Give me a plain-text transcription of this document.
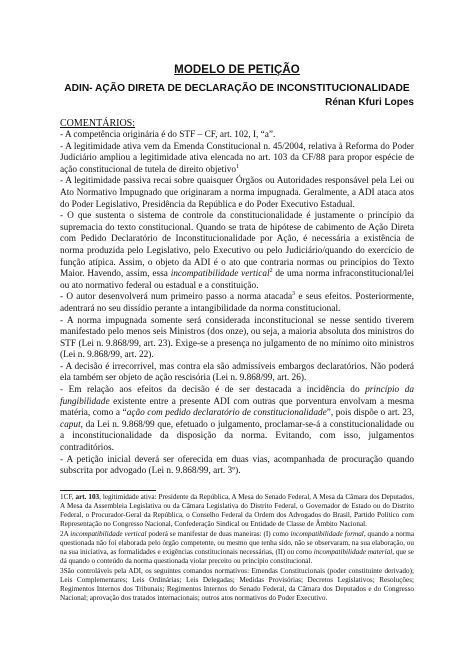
MODELO DE PETIÇÃO
ADIN- AÇÃO DIRETA DE DECLARAÇÃO DE INCONSTITUCIONALIDADE
Rénan Kfuri Lopes
COMENTÁRIOS:

- A competência originária é do STF – CF, art. 102, I, “a”.

- A legitimidade ativa vem da Emenda Constitucional n. 45/2004, relativa à Reforma do Poder Judiciário ampliou a legitimidade ativa elencada no art. 103 da CF/88 para propor espécie de ação constitucional de tutela de direito objetivo$^1$

- A legitimidade passiva recai sobre quaisquer Órgãos ou Autoridades responsável pela Lei ou Ato Normativo Impugnado que originaram a norma impugnada. Geralmente, a ADI ataca atos do Poder Legislativo, Presidência da República e do Poder Executivo Estadual.

- O que sustenta o sistema de controle da constitucionalidade é justamente o princípio da supremacia do texto constitucional. Quando se trata de hipótese de cabimento de Ação Direta com Pedido Declaratório de Inconstitucionalidade por Ação, é necessária a existência de norma produzida pelo Legislativo, pelo Executivo ou pelo Judiciário/quando do exercício de função atípica. Assim, o objeto da ADI é o ato que contraria normas ou princípios do Texto Maior. Havendo, assim, essa incompatibilidade vertical$^2$ de uma norma infraconstitucional/lei ou ato normativo federal ou estadual e a constituição.

- O autor desenvolverá num primeiro passo a norma atacada$^3$ e seus efeitos. Posteriormente, adentrará no seu dissídio perante a intangibilidade da norma constitucional.

- A norma impugnada somente será considerada inconstitucional se nesse sentido tiverem manifestado pelo menos seis Ministros (dos onze), ou seja, a maioria absoluta dos ministros do STF (Lei n. 9.868/99, art. 23). Exige-se a presença no julgamento de no mínimo oito ministros (Lei n. 9.868/99, art. 22).

- A decisão é irrecorrível, mas contra ela são admissíveis embargos declaratórios. Não poderá ela também ser objeto de ação rescisória (Lei n. 9.868/99, art. 26).

- Em relação aos efeitos da decisão é de ser destacada a incidência do princípio da fungibilidade existente entre a presente ADI com outras que porventura envolvam a mesma matéria, como a “ação com pedido declaratório de constitucionalidade”, pois dispõe o art. 23, caput, da Lei n. 9.868/99 que, efetuado o julgamento, proclamar-se-á a constitucionalidade ou a inconstitucionalidade da disposição da norma. Evitando, com isso, julgamentos contraditórios.

- A petição inicial deverá ser oferecida em duas vias, acompanhada de procuração quando subscrita por advogado (Lei n. 9.868/99, art. 3º).

1CF, art. 103, legitimidade ativa: Presidente da República, A Mesa do Senado Federal, A Mesa da Câmara dos Deputados, A Mesa da Assembleia Legislativa ou da Câmara Legislativa do Distrito Federal, o Governador de Estado ou do Distrito Federal, o Procurador-Geral da República, o Conselho Federal da Ordem dos Advogados do Brasil, Partido Político com Representação no Congresso Nacional, Confederação Sindical ou Entidade de Classe de Âmbito Nacional.

2A incompatibilidade vertical poderá se manifestar de duas maneiras: (I) como incompatibilidade formal, quando a norma questionada não foi elaborada pelo órgão competente, ou mesmo que tenha sido, não se observaram, na sua elaboração, ou na sua iniciativa, as formalidades e exigências constitucionais necessárias, (II) ou como incompatibilidade material, que se dá quando o conteúdo da norma questionada violar preceito ou princípio constitucional.

3São controláveis pela ADI, os seguintes comandos normativos: Emendas Constitucionais (poder constituinte derivado); Leis Complementares; Leis Ordinárias; Leis Delegadas; Medidas Provisórias; Decretos Legislativos; Resoluções; Regimentos Internos dos Tribunais; Regimentos Internos do Senado Federal, da Câmara dos Deputados e do Congresso Nacional; aprovação dos tratados internacionais; outros atos normativos do Poder Executivo.
